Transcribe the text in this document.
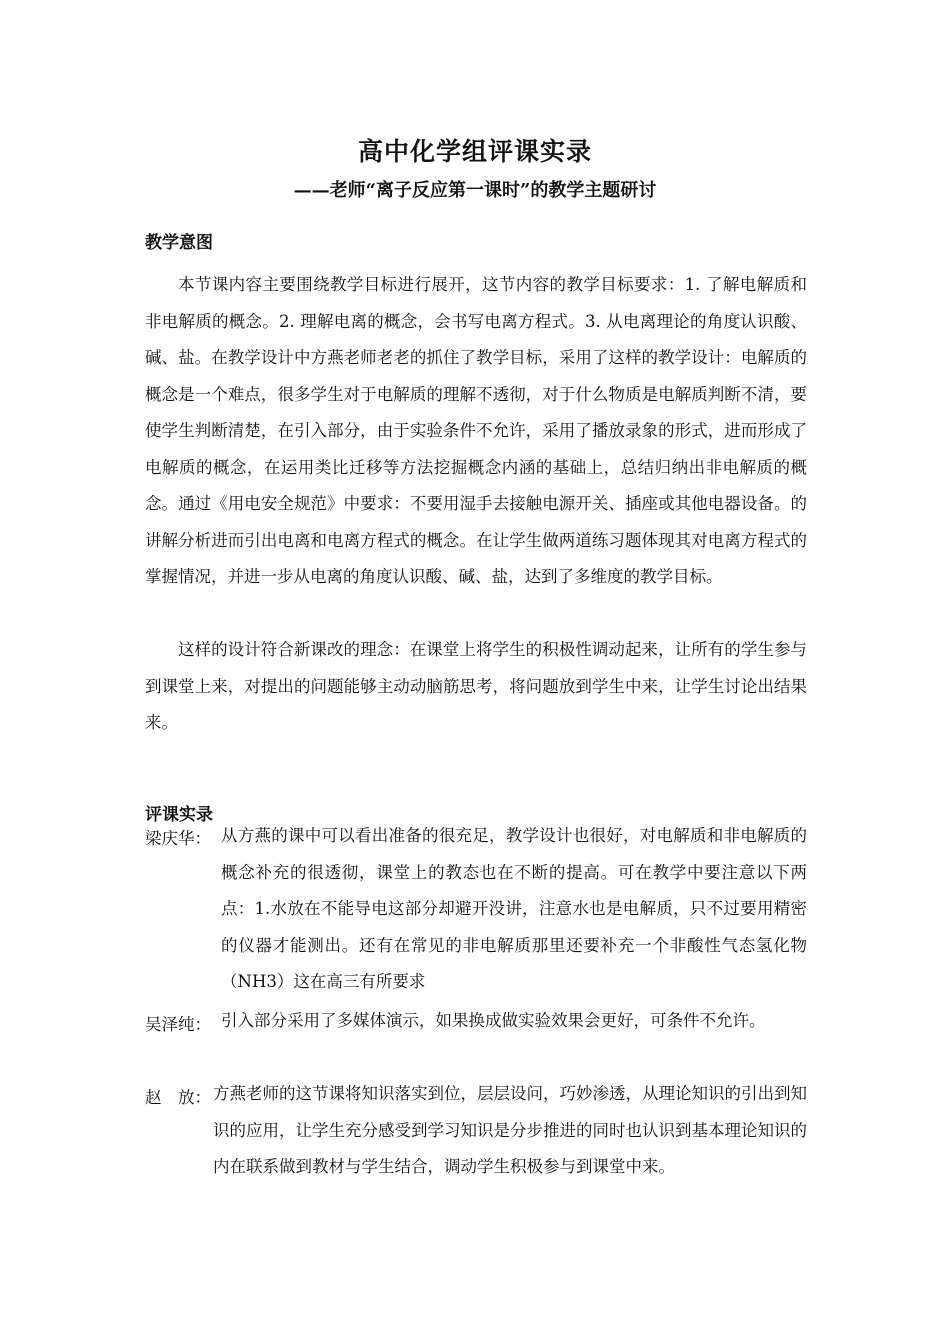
高中化学组评课实录
——老师“离子反应第一课时”的教学主题研讨
教学意图

本节课内容主要围绕教学目标进行展开，这节内容的教学目标要求：1. 了解电解质和非电解质的概念。2. 理解电离的概念，会书写电离方程式。3. 从电离理论的角度认识酸、碱、盐。在教学设计中方燕老师老老的抓住了教学目标，采用了这样的教学设计：电解质的概念是一个难点，很多学生对于电解质的理解不透彻，对于什么物质是电解质判断不清，要使学生判断清楚，在引入部分，由于实验条件不允许，采用了播放录象的形式，进而形成了电解质的概念，在运用类比迁移等方法挖掘概念内涵的基础上，总结归纳出非电解质的概念。通过《用电安全规范》中要求：不要用湿手去接触电源开关、插座或其他电器设备。的讲解分析进而引出电离和电离方程式的概念。在让学生做两道练习题体现其对电离方程式的掌握情况，并进一步从电离的角度认识酸、碱、盐，达到了多维度的教学目标。

这样的设计符合新课改的理念：在课堂上将学生的积极性调动起来，让所有的学生参与到课堂上来，对提出的问题能够主动动脑筋思考，将问题放到学生中来，让学生讨论出结果来。

评课实录
梁庆华： 从方燕的课中可以看出准备的很充足，教学设计也很好，对电解质和非电解质的概念补充的很透彻，课堂上的教态也在不断的提高。可在教学中要注意以下两点：1.水放在不能导电这部分却避开没讲，注意水也是电解质，只不过要用精密的仪器才能测出。还有在常见的非电解质那里还要补充一个非酸性气态氢化物（NH3）这在高三有所要求

吴泽纯： 引入部分采用了多媒体演示，如果换成做实验效果会更好，可条件不允许。

赵　放： 方燕老师的这节课将知识落实到位，层层设问，巧妙渗透，从理论知识的引出到知识的应用，让学生充分感受到学习知识是分步推进的同时也认识到基本理论知识的内在联系做到教材与学生结合，调动学生积极参与到课堂中来。
